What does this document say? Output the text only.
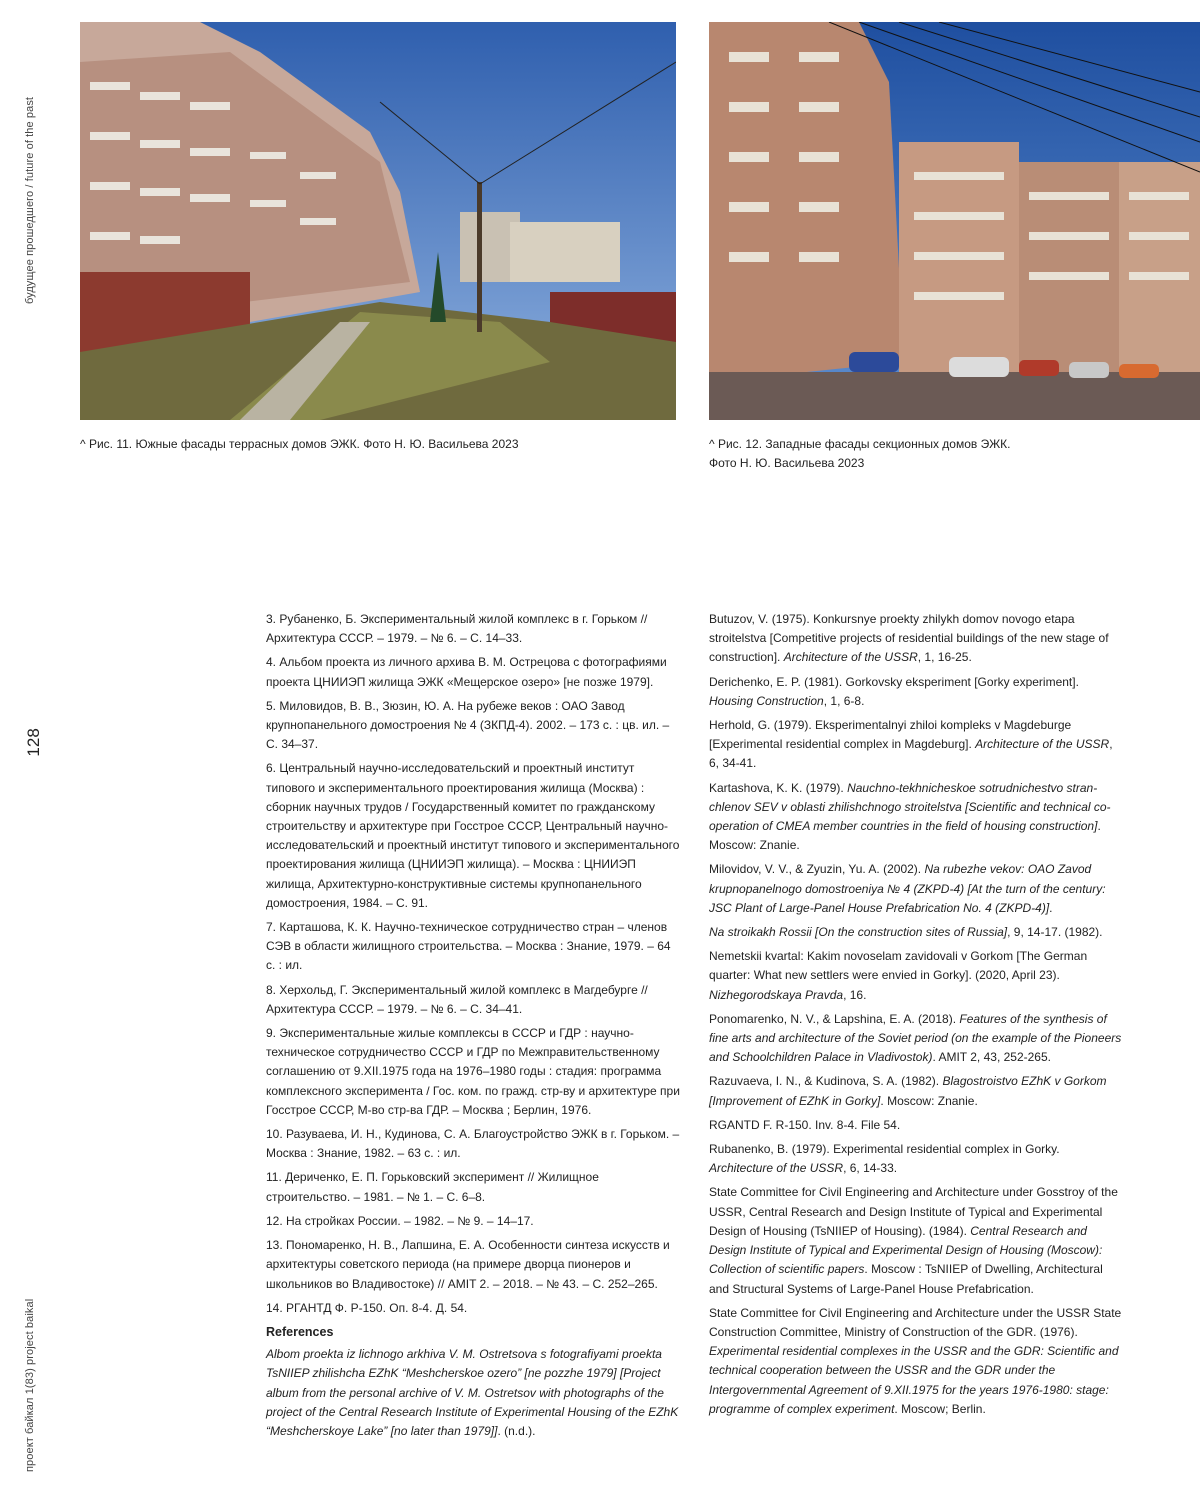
будущее прошедшего / future of the past
128
проект байкал 1(83) project baikal
^ Рис. 11. Южные фасады террасных домов ЭЖК. Фото Н. Ю. Васильева 2023	^ Рис. 12. Западные фасады секционных домов ЭЖК.
Фото Н. Ю. Васильева 2023

3. Рубаненко, Б. Экспериментальный жилой комплекс в г. Горьком // Архитектура СССР. – 1979. – № 6. – С. 14–33.

4. Альбом проекта из личного архива В. М. Острецова с фотографиями проекта ЦНИИЭП жилища ЭЖК «Мещерское озеро» [не позже 1979].

5. Миловидов, В. В., Зюзин, Ю. А. На рубеже веков : ОАО Завод крупнопанельного домостроения № 4 (ЗКПД-4). 2002. – 173 с. : цв. ил. – С. 34–37.

6. Центральный научно-исследовательский и проектный институт типового и экспериментального проектирования жилища (Москва) : сборник научных трудов / Государственный комитет по гражданскому строительству и архитектуре при Госстрое СССР, Центральный научно-исследовательский и проектный институт типового и экспериментального проектирования жилища (ЦНИИЭП жилища). – Москва : ЦНИИЭП жилища, Архитектурно-конструктивные системы крупнопанельного домостроения, 1984. – С. 91.

7. Карташова, К. К. Научно-техническое сотрудничество стран – членов СЭВ в области жилищного строительства. – Москва : Знание, 1979. – 64 с. : ил.

8. Херхольд, Г. Экспериментальный жилой комплекс в Магдебурге // Архитектура СССР. – 1979. – № 6. – С. 34–41.

9. Экспериментальные жилые комплексы в СССР и ГДР : научно-техническое сотрудничество СССР и ГДР по Межправительственному соглашению от 9.XII.1975 года на 1976–1980 годы : стадия: программа комплексного эксперимента / Гос. ком. по гражд. стр-ву и архитектуре при Госстрое СССР, М-во стр-ва ГДР. – Москва ; Берлин, 1976.

10. Разуваева, И. Н., Кудинова, С. А. Благоустройство ЭЖК в г. Горьком. – Москва : Знание, 1982. – 63 с. : ил.

11. Дериченко, Е. П. Горьковский эксперимент // Жилищное строительство. – 1981. – № 1. – С. 6–8.

12. На стройках России. – 1982. – № 9. – 14–17.

13. Пономаренко, Н. В., Лапшина, Е. А. Особенности синтеза искусств и архитектуры советского периода (на примере дворца пионеров и школьников во Владивостоке) // AMIT 2. – 2018. – № 43. – С. 252–265.

14. РГАНТД Ф. Р-150. Оп. 8-4. Д. 54.

References

Albom proekta iz lichnogo arkhiva V. M. Ostretsova s fotografiyami proekta TsNIIEP zhilishcha EZhK “Meshcherskoe ozero” [ne pozzhe 1979] [Project album from the personal archive of V. M. Ostretsov with photographs of the project of the Central Research Institute of Experimental Housing of the EZhK “Meshcherskoye Lake” [no later than 1979]]. (n.d.).

Butuzov, V. (1975). Konkursnye proekty zhilykh domov novogo etapa stroitelstva [Competitive projects of residential buildings of the new stage of construction]. Architecture of the USSR, 1, 16-25.

Derichenko, E. P. (1981). Gorkovsky eksperiment [Gorky experiment]. Housing Construction, 1, 6-8.

Herhold, G. (1979). Eksperimentalnyi zhiloi kompleks v Magdeburge [Experimental residential complex in Magdeburg]. Architecture of the USSR, 6, 34-41.

Kartashova, K. K. (1979). Nauchno-tekhnicheskoe sotrudnichestvo stran-chlenov SEV v oblasti zhilishchnogo stroitelstva [Scientific and technical co-operation of CMEA member countries in the field of housing construction]. Moscow: Znanie.

Milovidov, V. V., & Zyuzin, Yu. A. (2002). Na rubezhe vekov: OAO Zavod krupnopanelnogo domostroeniya № 4 (ZKPD-4) [At the turn of the century: JSC Plant of Large-Panel House Prefabrication No. 4 (ZKPD-4)].

Na stroikakh Rossii [On the construction sites of Russia], 9, 14-17. (1982).

Nemetskii kvartal: Kakim novoselam zavidovali v Gorkom [The German quarter: What new settlers were envied in Gorky]. (2020, April 23). Nizhegorodskaya Pravda, 16.

Ponomarenko, N. V., & Lapshina, E. A. (2018). Features of the synthesis of fine arts and architecture of the Soviet period (on the example of the Pioneers and Schoolchildren Palace in Vladivostok). AMIT 2, 43, 252-265.

Razuvaeva, I. N., & Kudinova, S. A. (1982). Blagostroistvo EZhK v Gorkom [Improvement of EZhK in Gorky]. Moscow: Znanie.

RGANTD F. R-150. Inv. 8-4. File 54.

Rubanenko, B. (1979). Experimental residential complex in Gorky. Architecture of the USSR, 6, 14-33.

State Committee for Civil Engineering and Architecture under Gosstroy of the USSR, Central Research and Design Institute of Typical and Experimental Design of Housing (TsNIIEP of Housing). (1984). Central Research and Design Institute of Typical and Experimental Design of Housing (Moscow): Collection of scientific papers. Moscow : TsNIIEP of Dwelling, Architectural and Structural Systems of Large-Panel House Prefabrication.

State Committee for Civil Engineering and Architecture under the USSR State Construction Committee, Ministry of Construction of the GDR. (1976). Experimental residential complexes in the USSR and the GDR: Scientific and technical cooperation between the USSR and the GDR under the Intergovernmental Agreement of 9.XII.1975 for the years 1976-1980: stage: programme of complex experiment. Moscow; Berlin.
